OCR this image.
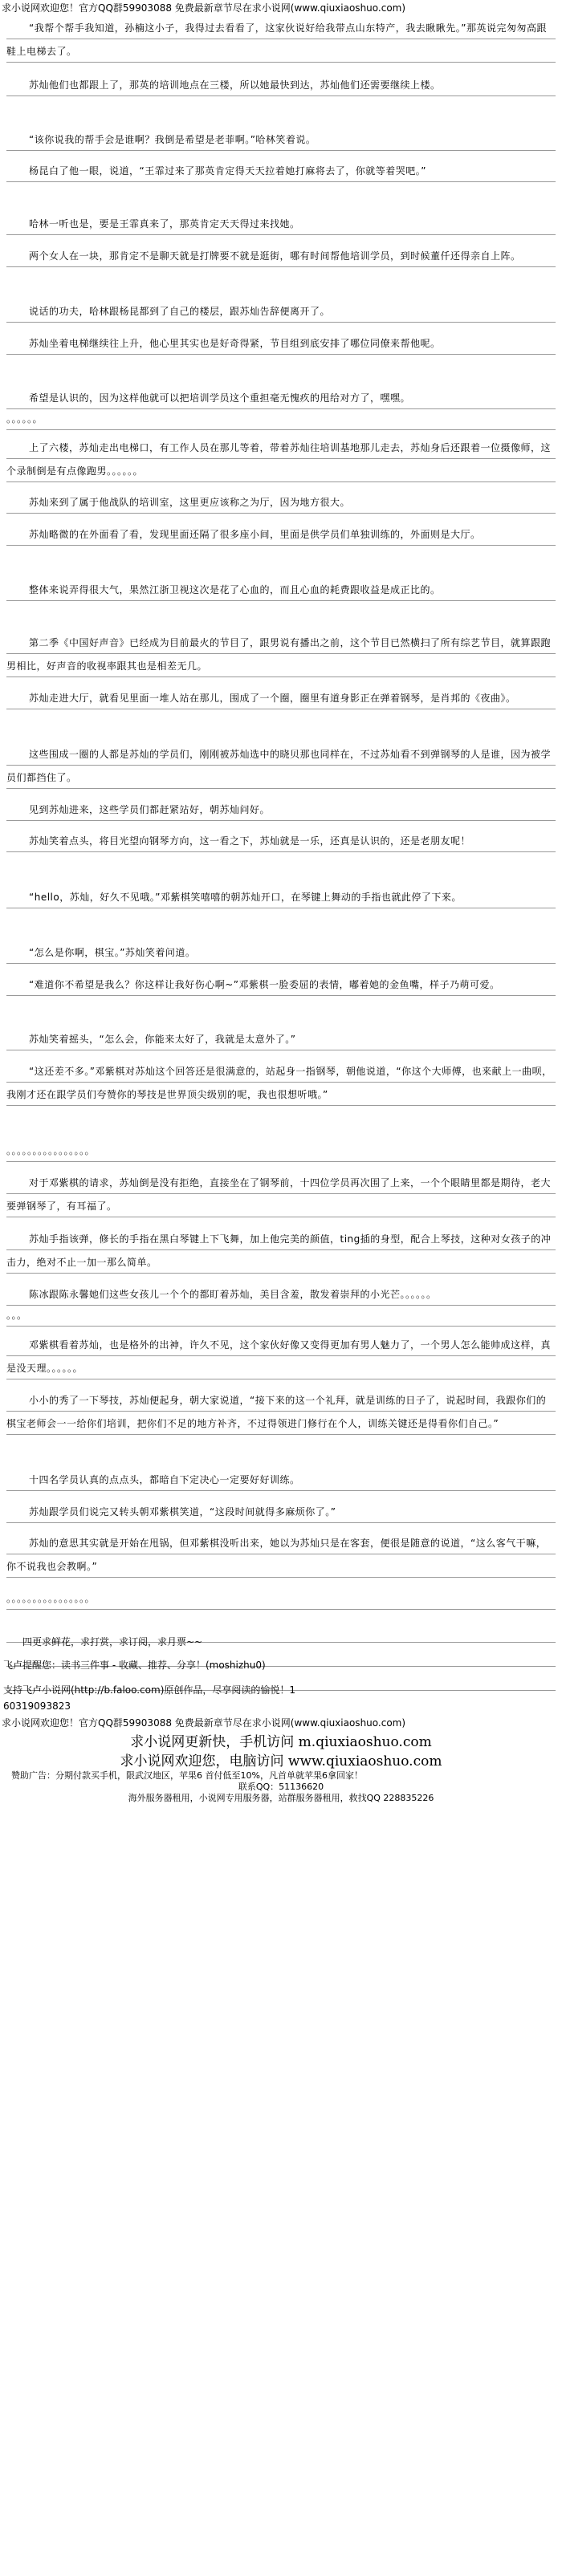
求小说网欢迎您！官方QQ群59903088 免费最新章节尽在求小说网(www.qiuxiaoshuo.com)

“我帮个帮手我知道，孙楠这小子，我得过去看看了，这家伙说好给我带点山东特产，我去瞅瞅先。”那英说完匆匆高跟鞋上电梯去了。

苏灿他们也都跟上了，那英的培训地点在三楼，所以她最快到达，苏灿他们还需要继续上楼。

“该你说我的帮手会是谁啊？我倒是希望是老菲啊。”哈林笑着说。

杨昆白了他一眼，说道，“王霏过来了那英肯定得天天拉着她打麻将去了，你就等着哭吧。”

哈林一听也是，要是王霏真来了，那英肯定天天得过来找她。

两个女人在一块，那肯定不是聊天就是打牌要不就是逛街，哪有时间帮他培训学员，到时候董仟还得亲自上阵。

说话的功夫，哈林跟杨昆都到了自己的楼层，跟苏灿告辞便离开了。

苏灿坐着电梯继续往上升，他心里其实也是好奇得紧，节目组到底安排了哪位同僚来帮他呢。

希望是认识的，因为这样他就可以把培训学员这个重担毫无愧疚的甩给对方了，嘿嘿。

。。。。。。

上了六楼，苏灿走出电梯口，有工作人员在那儿等着，带着苏灿往培训基地那儿走去，苏灿身后还跟着一位摄像师，这个录制倒是有点像跑男。。。。。。

苏灿来到了属于他战队的培训室，这里更应该称之为厅，因为地方很大。

苏灿略微的在外面看了看，发现里面还隔了很多座小间，里面是供学员们单独训练的，外面则是大厅。

整体来说弄得很大气，果然江浙卫视这次是花了心血的，而且心血的耗费跟收益是成正比的。

第二季《中国好声音》已经成为目前最火的节目了，跟男说有播出之前，这个节目已然横扫了所有综艺节目，就算跟跑男相比，好声音的收视率跟其也是相差无几。

苏灿走进大厅，就看见里面一堆人站在那儿，围成了一个圈，圈里有道身影正在弹着钢琴，是肖邦的《夜曲》。

这些围成一圈的人都是苏灿的学员们，刚刚被苏灿选中的晓贝那也同样在，不过苏灿看不到弹钢琴的人是谁，因为被学员们都挡住了。

见到苏灿进来，这些学员们都赶紧站好，朝苏灿问好。

苏灿笑着点头，将目光望向钢琴方向，这一看之下，苏灿就是一乐，还真是认识的，还是老朋友呢！

“hello，苏灿，好久不见哦。”邓紫棋笑嘻嘻的朝苏灿开口，在琴键上舞动的手指也就此停了下来。

“怎么是你啊，棋宝。”苏灿笑着问道。

“难道你不希望是我么？你这样让我好伤心啊~”邓紫棋一脸委屈的表情，嘟着她的金鱼嘴，样子乃萌可爱。

苏灿笑着摇头，“怎么会，你能来太好了，我就是太意外了。”

“这还差不多。”邓紫棋对苏灿这个回答还是很满意的，站起身一指钢琴，朝他说道，“你这个大师傅，也来献上一曲呗，我刚才还在跟学员们夸赞你的琴技是世界顶尖级别的呢，我也很想听哦。”

。。。。。。。。。。。。。。。。

对于邓紫棋的请求，苏灿倒是没有拒绝，直接坐在了钢琴前，十四位学员再次围了上来，一个个眼睛里都是期待，老大要弹钢琴了，有耳福了。

苏灿手指该弹，修长的手指在黑白琴键上下飞舞，加上他完美的颜值，ting插的身型，配合上琴技，这种对女孩子的冲击力，绝对不止一加一那么简单。

陈冰跟陈永馨她们这些女孩儿一个个的都盯着苏灿，美目含羞，散发着崇拜的小光芒。。。。。。

。。。

邓紫棋看着苏灿，也是格外的出神，许久不见，这个家伙好像又变得更加有男人魅力了，一个男人怎么能帅成这样，真是没天理。。。。。。

小小的秀了一下琴技，苏灿便起身，朝大家说道，“接下来的这一个礼拜，就是训练的日子了，说起时间，我跟你们的棋宝老师会一一给你们培训，把你们不足的地方补齐，不过得领进门修行在个人，训练关键还是得看你们自己。”

十四名学员认真的点点头，都暗自下定决心一定要好好训练。

苏灿跟学员们说完又转头朝邓紫棋笑道，“这段时间就得多麻烦你了。”

苏灿的意思其实就是开始在甩锅，但邓紫棋没听出来，她以为苏灿只是在客套，便很是随意的说道，“这么客气干嘛，你不说我也会教啊。”

。。。。。。。。。。。。。。。。

四更求鲜花，求打赏，求订阅，求月票~~
飞卢提醒您：读书三件事 - 收藏、推荐、分享！(moshizhu0)
支持飞卢小说网(http://b.faloo.com)原创作品，尽享阅读的愉悦！1
60319093823
求小说网欢迎您！官方QQ群59903088 免费最新章节尽在求小说网(www.qiuxiaoshuo.com)
求小说网更新快，手机访问 m.qiuxiaoshuo.com
求小说网欢迎您，电脑访问 www.qiuxiaoshuo.com
赞助广告：分期付款买手机，限武汉地区，苹果6 首付低至10%，凡首单就苹果6拿回家！
联系QQ：51136620
海外服务器租用，小说网专用服务器，站群服务器租用，救找QQ 228835226
